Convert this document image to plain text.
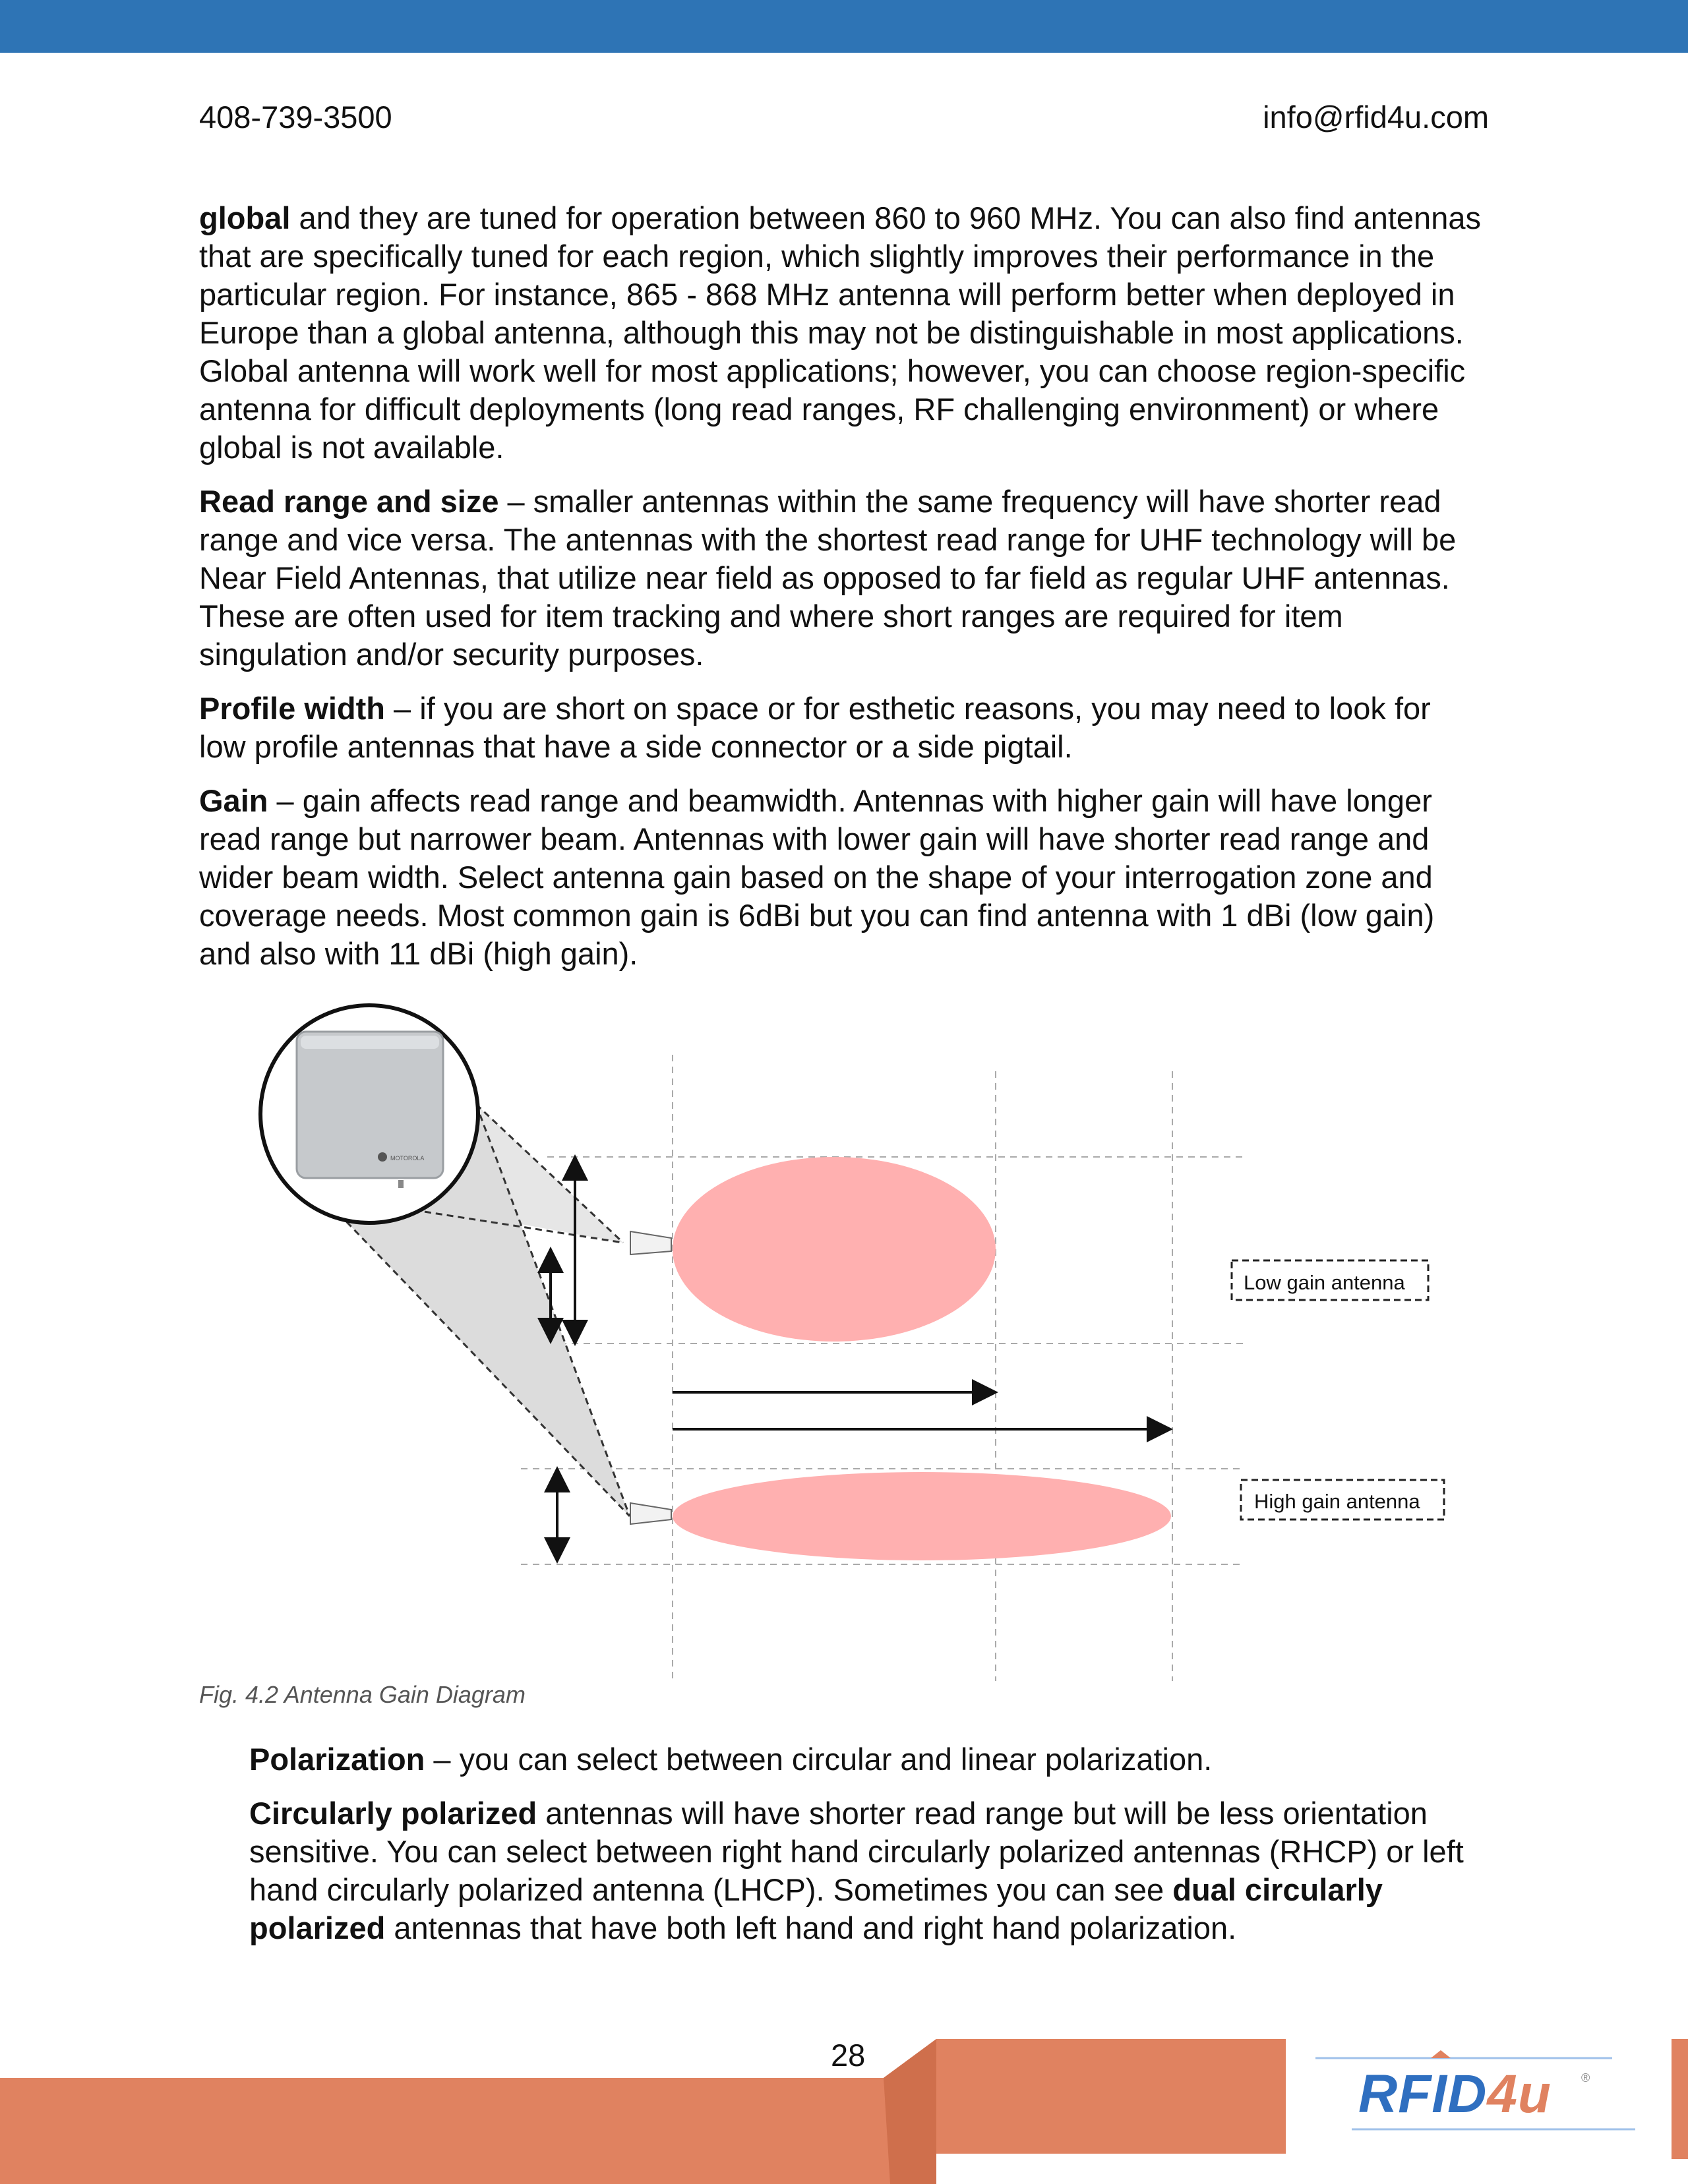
408-739-3500	info@rfid4u.com

global and they are tuned for operation between 860 to 960 MHz. You can also find antennas that are specifically tuned for each region, which slightly improves their performance in the particular region. For instance, 865 - 868 MHz antenna will perform better when deployed in Europe than a global antenna, although this may not be distinguishable in most applications. Global antenna will work well for most applications; however, you can choose region-specific antenna for difficult deployments (long read ranges, RF challenging environment) or where global is not available.

Read range and size – smaller antennas within the same frequency will have shorter read range and vice versa. The antennas with the shortest read range for UHF technology will be Near Field Antennas, that utilize near field as opposed to far field as regular UHF antennas. These are often used for item tracking and where short ranges are required for item singulation and/or security purposes.

Profile width – if you are short on space or for esthetic reasons, you may need to look for low profile antennas that have a side connector or a side pigtail.

Gain – gain affects read range and beamwidth. Antennas with higher gain will have longer read range but narrower beam. Antennas with lower gain will have shorter read range and wider beam width. Select antenna gain based on the shape of your interrogation zone and coverage needs. Most common gain is 6dBi but you can find antenna with 1 dBi (low gain) and also with 11 dBi (high gain).

MOTOROLA
Low gain antenna
High gain antenna
Fig. 4.2 Antenna Gain Diagram

Polarization – you can select between circular and linear polarization.

Circularly polarized antennas will have shorter read range but will be less orientation sensitive. You can select between right hand circularly polarized antennas (RHCP) or left hand circularly polarized antenna (LHCP). Sometimes you can see dual circularly polarized antennas that have both left hand and right hand polarization.

28
RFID4u ®
